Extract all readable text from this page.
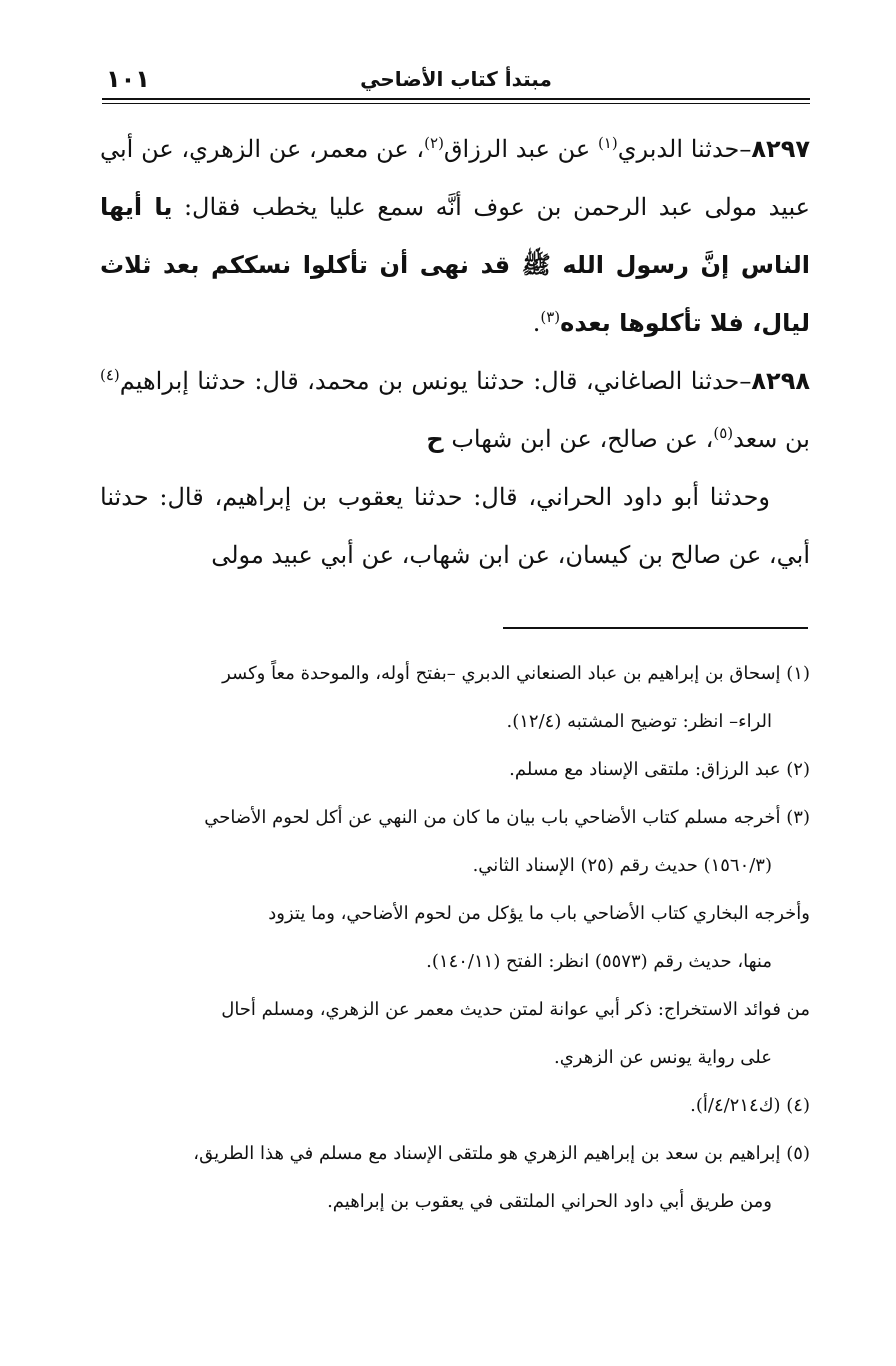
مبتدأ كتاب الأضاحي
١٠١

٨٢٩٧–حدثنا الدبري$^{(١)}$ عن عبد الرزاق$^{(٢)}$، عن معمر، عن الزهري، عن أبي عبيد مولى عبد الرحمن بن عوف أنَّه سمع عليا يخطب فقال: يا أيها الناس إنَّ رسول الله ﷺ قد نهى أن تأكلوا نسككم بعد ثلاث ليال، فلا تأكلوها بعده$^{(٣)}$.

٨٢٩٨–حدثنا الصاغاني، قال: حدثنا يونس بن محمد، قال: حدثنا إبراهيم$^{(٤)}$ بن سعد$^{(٥)}$، عن صالح، عن ابن شهاب ح

وحدثنا أبو داود الحراني، قال: حدثنا يعقوب بن إبراهيم، قال: حدثنا أبي، عن صالح بن كيسان، عن ابن شهاب، عن أبي عبيد مولى

(١) إسحاق بن إبراهيم بن عباد الصنعاني الدبري –بفتح أوله، والموحدة معاً وكسر
الراء– انظر: توضيح المشتبه (١٢/٤).

(٢) عبد الرزاق: ملتقى الإسناد مع مسلم.

(٣) أخرجه مسلم كتاب الأضاحي باب بيان ما كان من النهي عن أكل لحوم الأضاحي
(١٥٦٠/٣) حديث رقم (٢٥) الإسناد الثاني.

وأخرجه البخاري كتاب الأضاحي باب ما يؤكل من لحوم الأضاحي، وما يتزود
منها، حديث رقم (٥٥٧٣) انظر: الفتح (١٤٠/١١).

من فوائد الاستخراج: ذكر أبي عوانة لمتن حديث معمر عن الزهري، ومسلم أحال
على رواية يونس عن الزهري.

(٤) (ك٤/٢١٤/أ).

(٥) إبراهيم بن سعد بن إبراهيم الزهري هو ملتقى الإسناد مع مسلم في هذا الطريق،
ومن طريق أبي داود الحراني الملتقى في يعقوب بن إبراهيم.
